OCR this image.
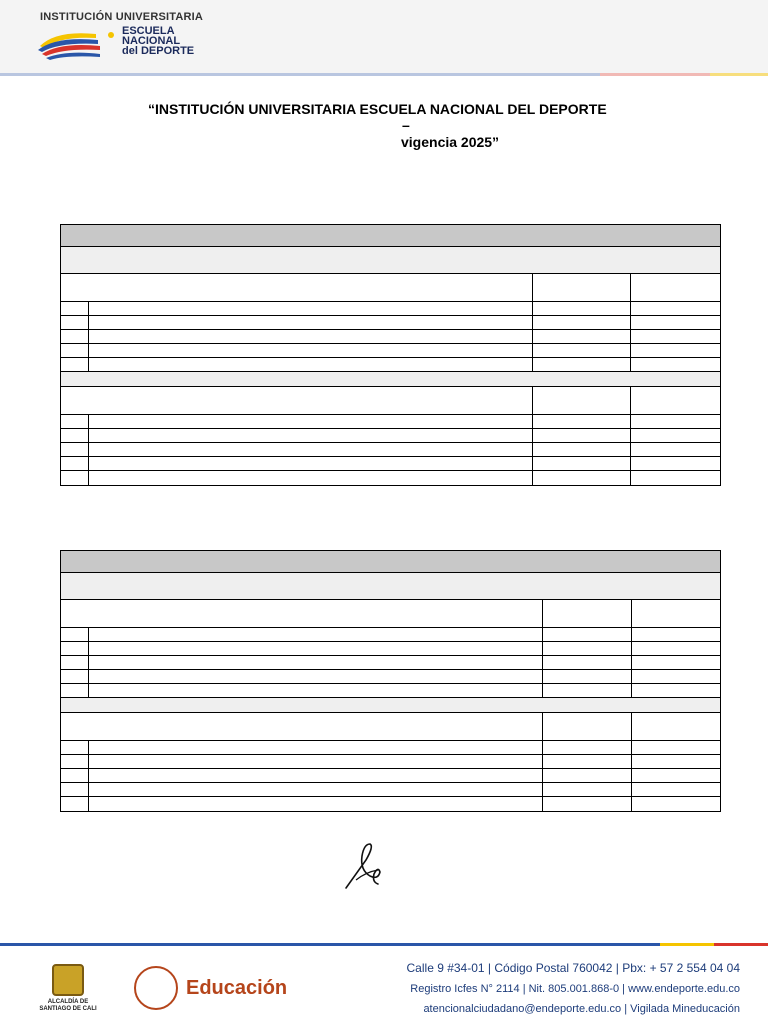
INSTITUCIÓN UNIVERSITARIA
ESCUELA
NACIONAL
del DEPORTE
“INSTITUCIÓN UNIVERSITARIA ESCUELA NACIONAL DEL DEPORTE
–
vigencia 2025”
ALCALDÍA DE
SANTIAGO DE CALI
Educación
Calle 9 #34-01 | Código Postal 760042 | Pbx: + 57 2 554 04 04
Registro Icfes N° 2114 | Nit. 805.001.868-0 | www.endeporte.edu.co
atencionalciudadano@endeporte.edu.co | Vigilada Mineducación
